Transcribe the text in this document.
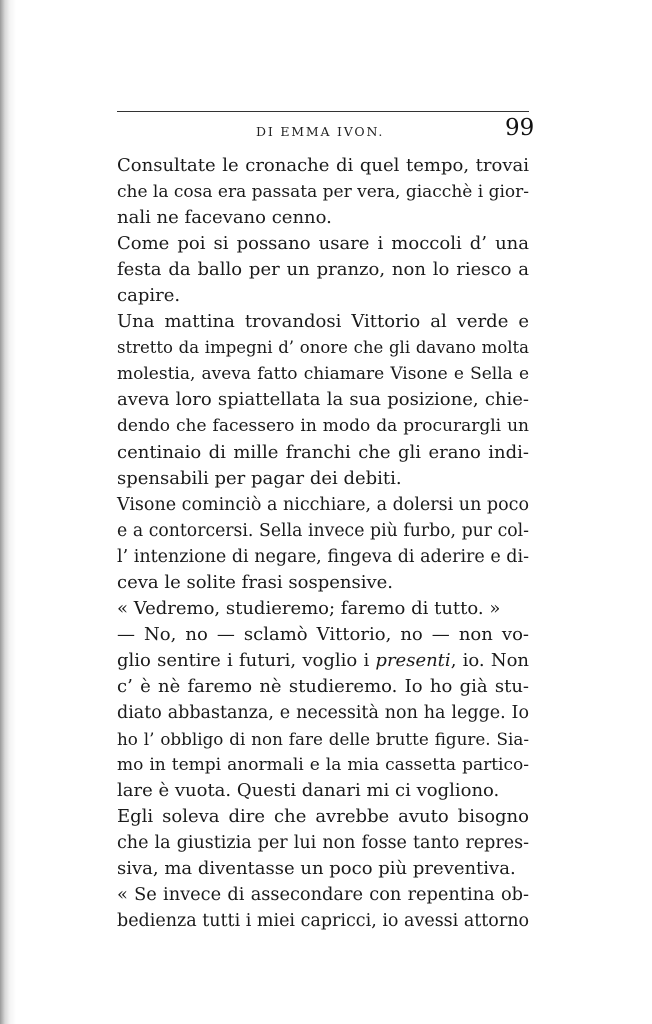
DI EMMA IVON.	99
Consultate le cronache di quel tempo, trovai
che la cosa era passata per vera, giacchè i gior-
nali ne facevano cenno.
Come poi si possano usare i moccoli d’ una
festa da ballo per un pranzo, non lo riesco a
capire.
Una mattina trovandosi Vittorio al verde e
stretto da impegni d’ onore che gli davano molta
molestia, aveva fatto chiamare Visone e Sella e
aveva loro spiattellata la sua posizione, chie-
dendo che facessero in modo da procurargli un
centinaio di mille franchi che gli erano indi-
spensabili per pagar dei debiti.
Visone cominciò a nicchiare, a dolersi un poco
e a contorcersi. Sella invece più furbo, pur col-
l’ intenzione di negare, fingeva di aderire e di-
ceva le solite frasi sospensive.
« Vedremo, studieremo; faremo di tutto. »
— No, no — sclamò Vittorio, no — non vo-
glio sentire i futuri, voglio i presenti, io. Non
c’ è nè faremo nè studieremo. Io ho già stu-
diato abbastanza, e necessità non ha legge. Io
ho l’ obbligo di non fare delle brutte figure. Sia-
mo in tempi anormali e la mia cassetta partico-
lare è vuota. Questi danari mi ci vogliono.
Egli soleva dire che avrebbe avuto bisogno
che la giustizia per lui non fosse tanto repres-
siva, ma diventasse un poco più preventiva.
« Se invece di assecondare con repentina ob-
bedienza tutti i miei capricci, io avessi attorno
